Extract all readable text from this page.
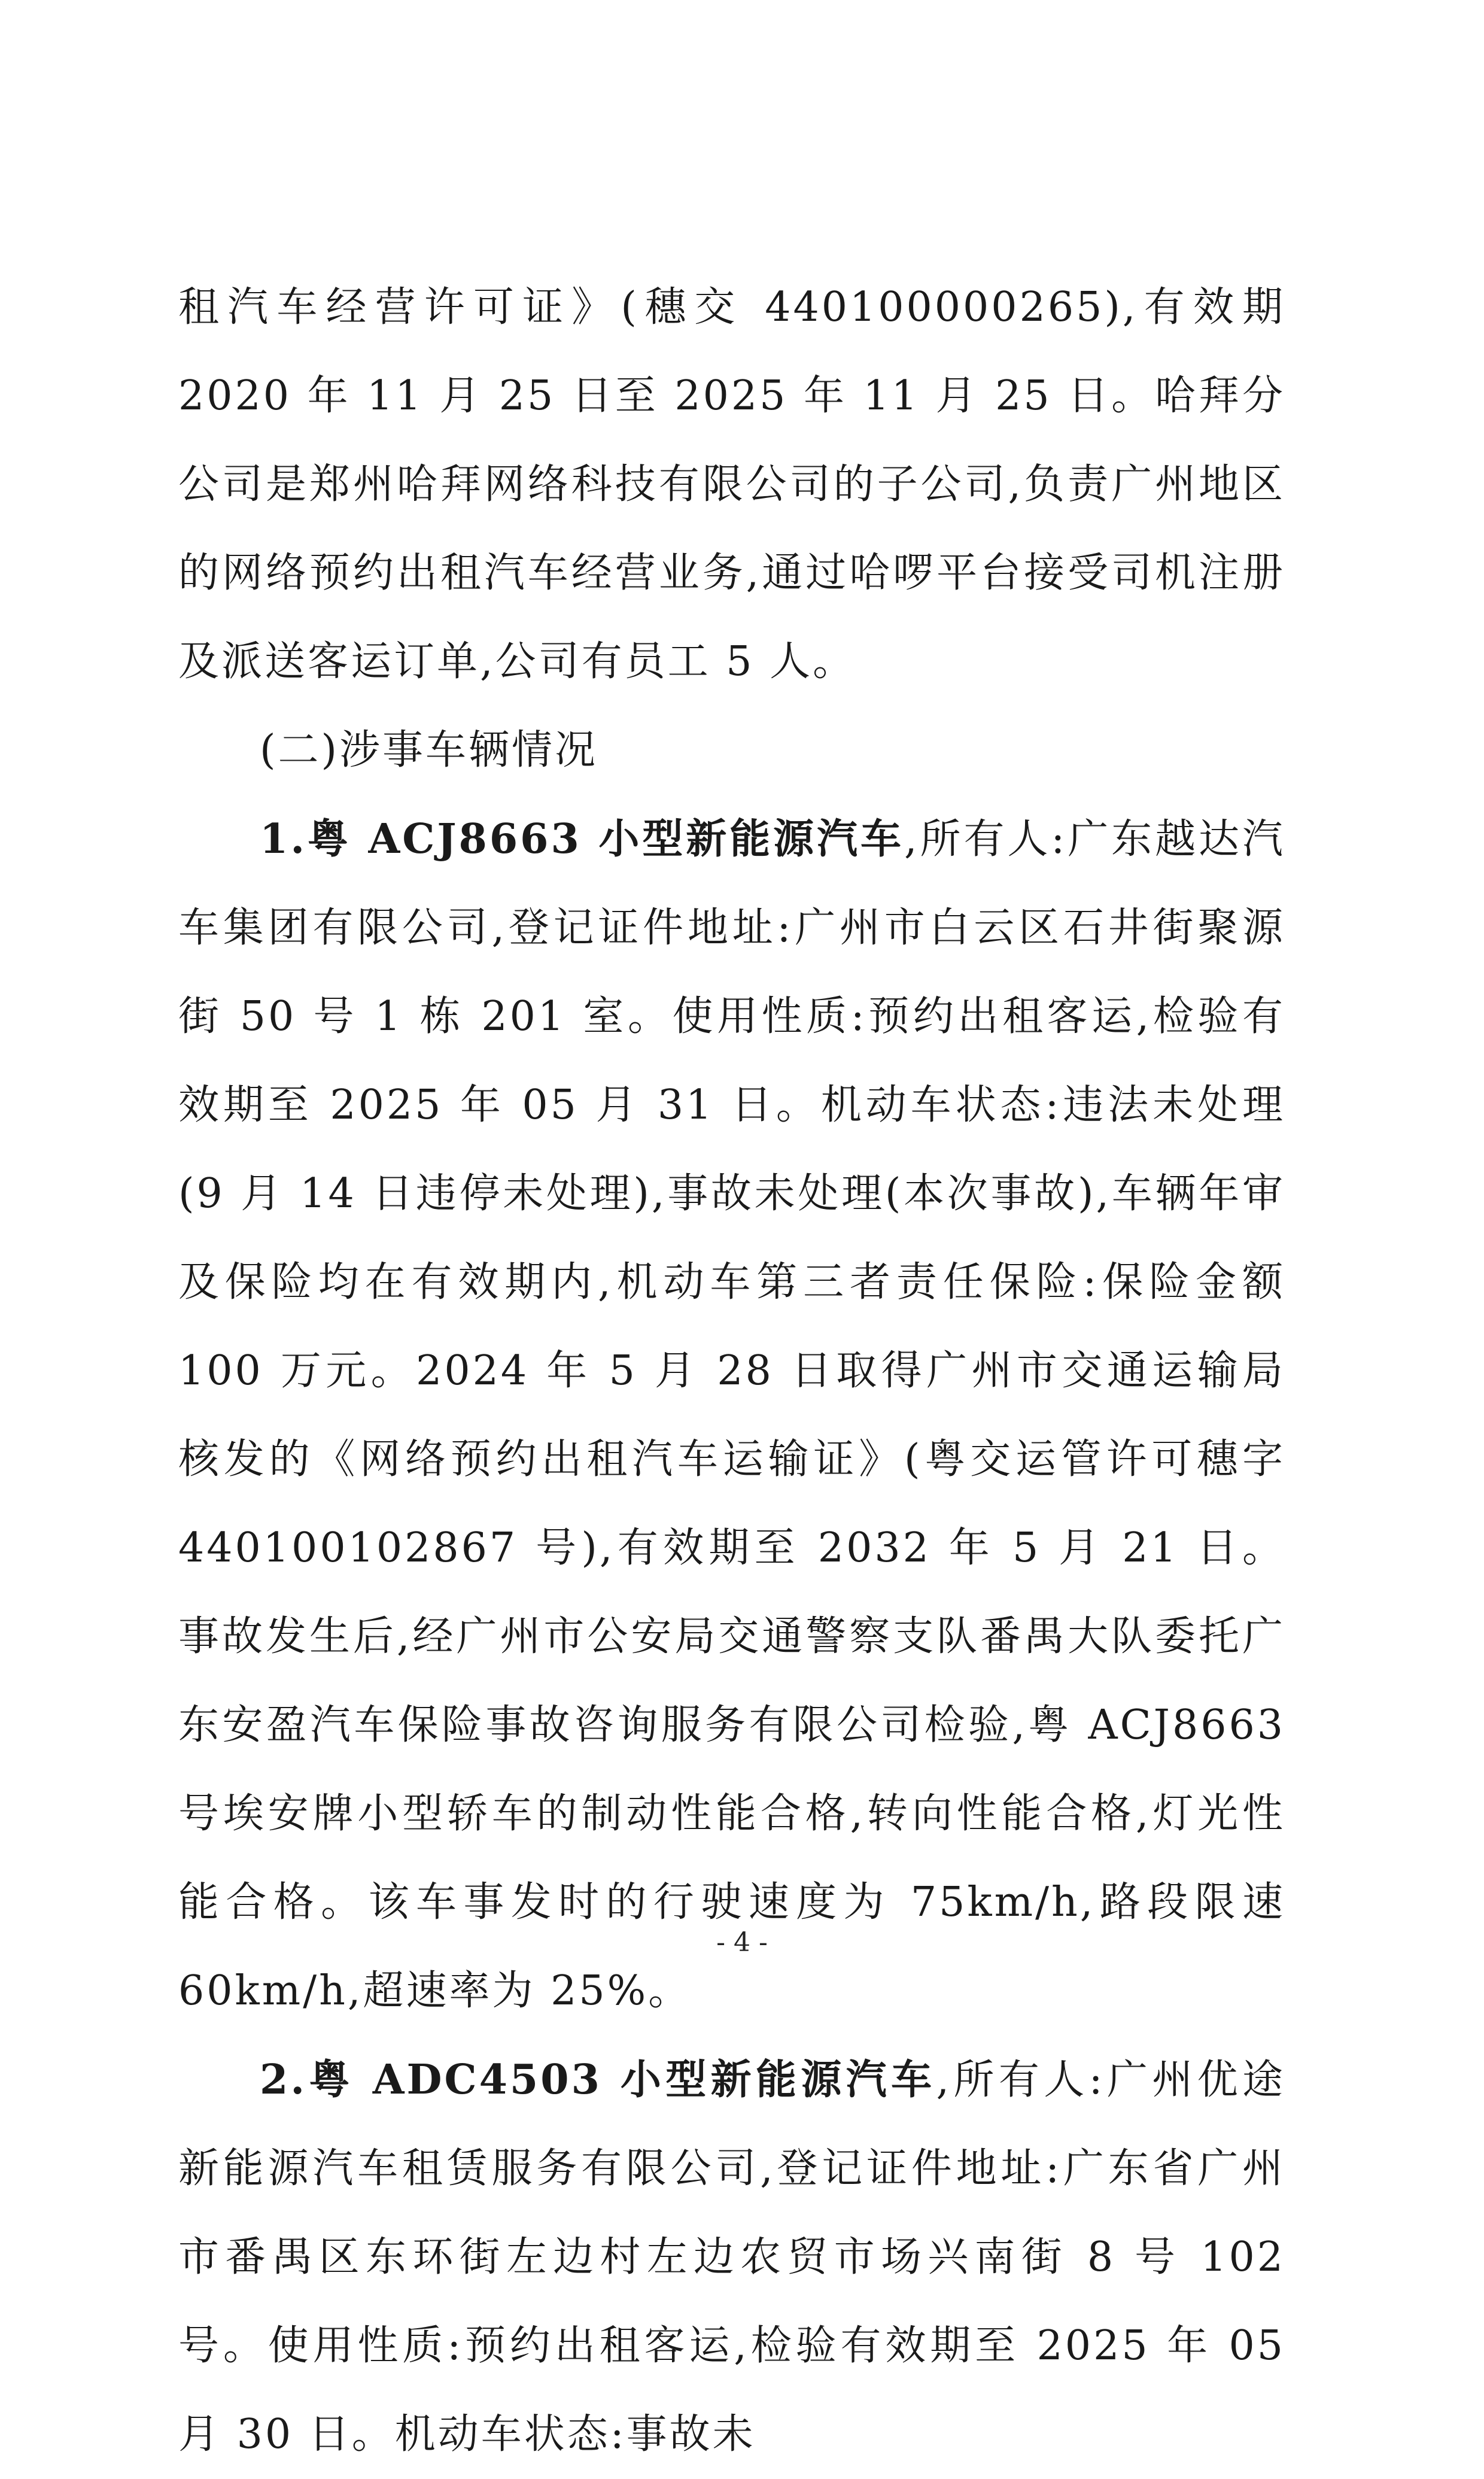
租汽车经营许可证》(穗交 440100000265),有效期 2020 年 11 月 25 日至 2025 年 11 月 25 日。哈拜分公司是郑州哈拜网络科技有限公司的子公司,负责广州地区的网络预约出租汽车经营业务,通过哈啰平台接受司机注册及派送客运订单,公司有员工 5 人。

(二)涉事车辆情况

1.粤 ACJ8663 小型新能源汽车,所有人:广东越达汽车集团有限公司,登记证件地址:广州市白云区石井街聚源街 50 号 1 栋 201 室。使用性质:预约出租客运,检验有效期至 2025 年 05 月 31 日。机动车状态:违法未处理(9 月 14 日违停未处理),事故未处理(本次事故),车辆年审及保险均在有效期内,机动车第三者责任保险:保险金额 100 万元。2024 年 5 月 28 日取得广州市交通运输局核发的《网络预约出租汽车运输证》(粤交运管许可穗字 440100102867 号),有效期至 2032 年 5 月 21 日。事故发生后,经广州市公安局交通警察支队番禺大队委托广东安盈汽车保险事故咨询服务有限公司检验,粤 ACJ8663 号埃安牌小型轿车的制动性能合格,转向性能合格,灯光性能合格。该车事发时的行驶速度为 75km/h,路段限速 60km/h,超速率为 25%。

2.粤 ADC4503 小型新能源汽车,所有人:广州优途新能源汽车租赁服务有限公司,登记证件地址:广东省广州市番禺区东环街左边村左边农贸市场兴南街 8 号 102 号。使用性质:预约出租客运,检验有效期至 2025 年 05 月 30 日。机动车状态:事故未

- 4 -
